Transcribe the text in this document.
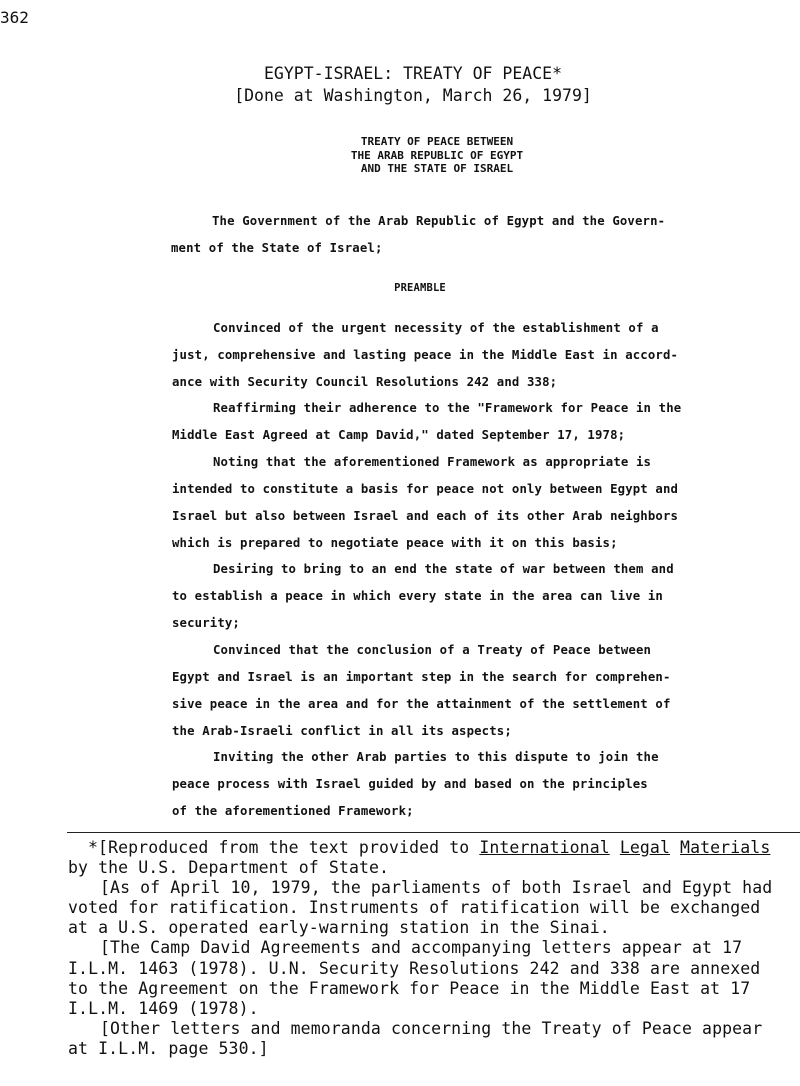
362
EGYPT-ISRAEL: TREATY OF PEACE*
[Done at Washington, March 26, 1979]
TREATY OF PEACE BETWEEN
THE ARAB REPUBLIC OF EGYPT
AND THE STATE OF ISRAEL
The Government of the Arab Republic of Egypt and the Govern-
ment of the State of Israel;
PREAMBLE
Convinced of the urgent necessity of the establishment of a
just, comprehensive and lasting peace in the Middle East in accord-
ance with Security Council Resolutions 242 and 338;
Reaffirming their adherence to the "Framework for Peace in the
Middle East Agreed at Camp David," dated September 17, 1978;
Noting that the aforementioned Framework as appropriate is
intended to constitute a basis for peace not only between Egypt and
Israel but also between Israel and each of its other Arab neighbors
which is prepared to negotiate peace with it on this basis;
Desiring to bring to an end the state of war between them and
to establish a peace in which every state in the area can live in
security;
Convinced that the conclusion of a Treaty of Peace between
Egypt and Israel is an important step in the search for comprehen-
sive peace in the area and for the attainment of the settlement of
the Arab-Israeli conflict in all its aspects;
Inviting the other Arab parties to this dispute to join the
peace process with Israel guided by and based on the principles
of the aforementioned Framework;
*[Reproduced from the text provided to International Legal Materials
by the U.S. Department of State.
[As of April 10, 1979, the parliaments of both Israel and Egypt had
voted for ratification. Instruments of ratification will be exchanged
at a U.S. operated early-warning station in the Sinai.
[The Camp David Agreements and accompanying letters appear at 17
I.L.M. 1463 (1978). U.N. Security Resolutions 242 and 338 are annexed
to the Agreement on the Framework for Peace in the Middle East at 17
I.L.M. 1469 (1978).
[Other letters and memoranda concerning the Treaty of Peace appear
at I.L.M. page 530.]
